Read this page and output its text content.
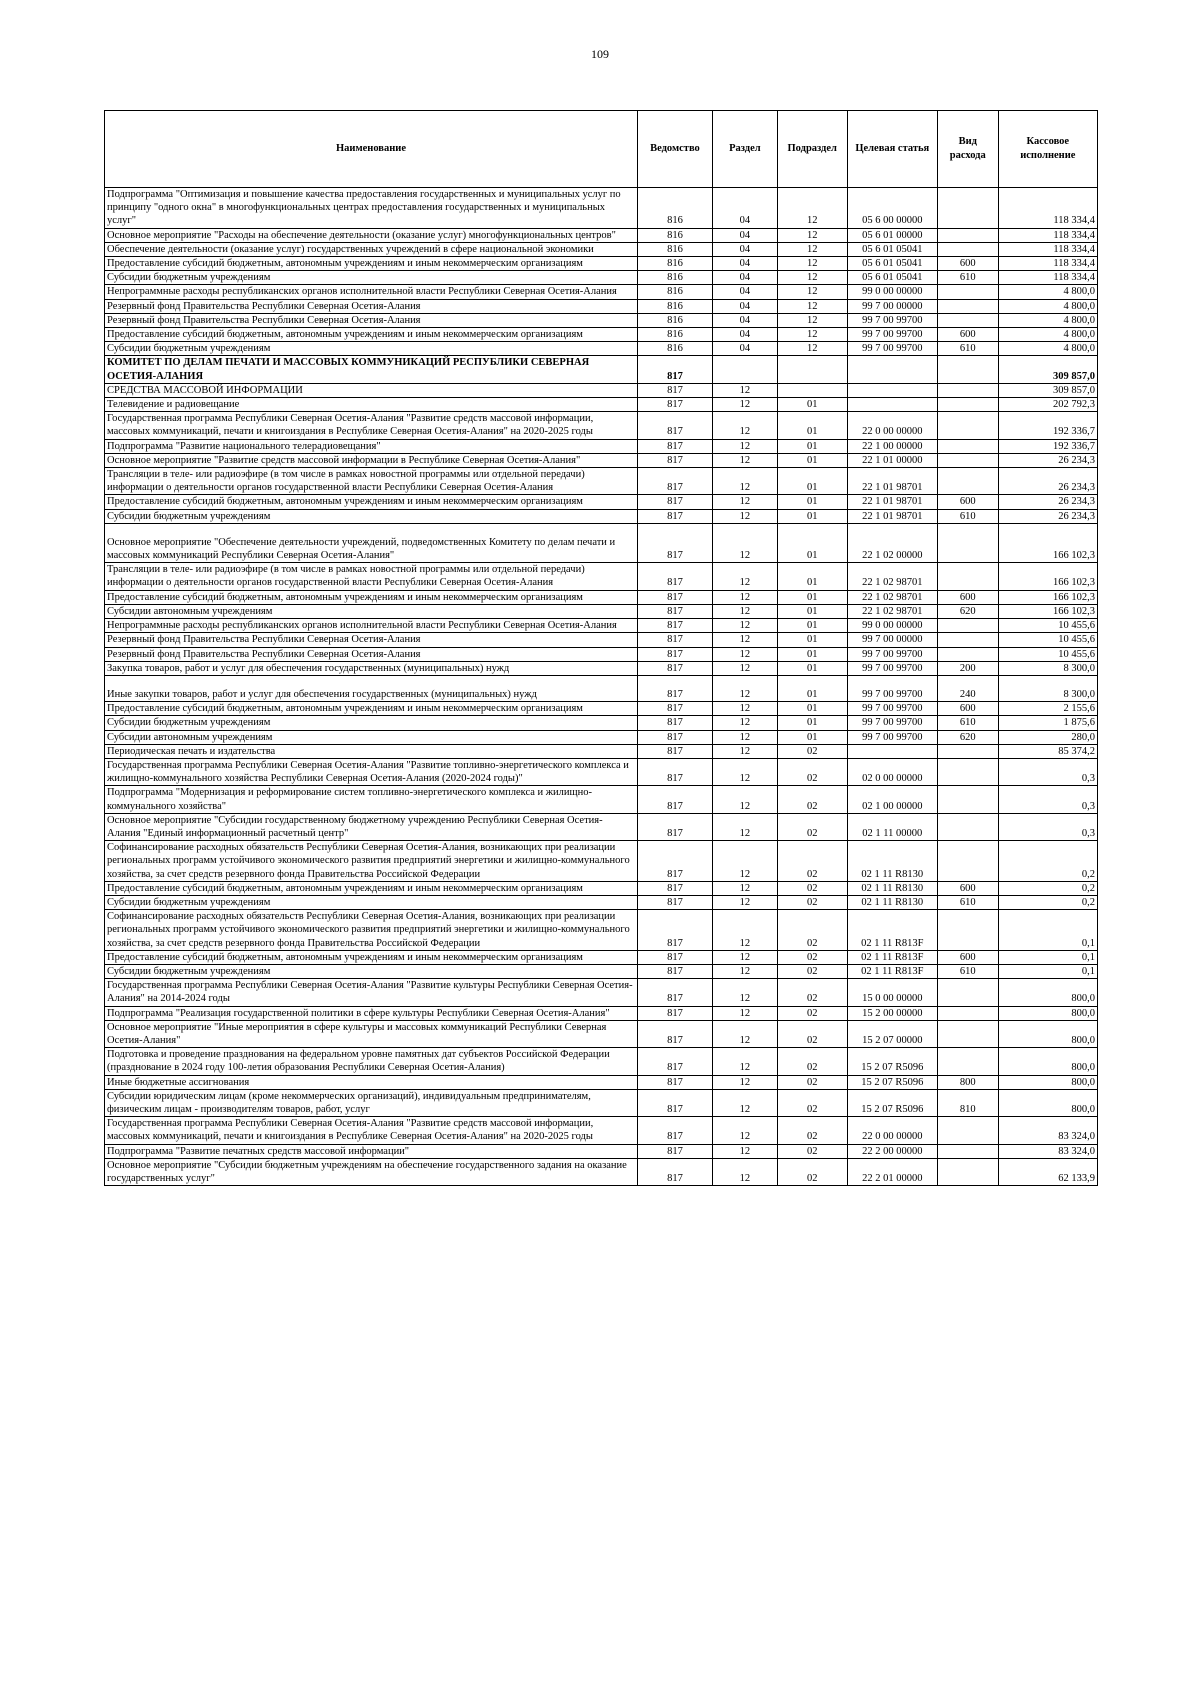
109
Наименование	Ведомство	Раздел	Подраздел	Целевая статья	Вид расхода	Кассовое исполнение
Подпрограмма "Оптимизация и повышение качества предоставления государственных и муниципальных услуг по принципу "одного окна" в многофункциональных центрах предоставления государственных и муниципальных услуг"	816	04	12	05 6 00 00000		118 334,4
Основное мероприятие "Расходы на обеспечение деятельности (оказание услуг) многофункциональных центров"	816	04	12	05 6 01 00000		118 334,4
Обеспечение деятельности (оказание услуг) государственных учреждений в сфере национальной экономики	816	04	12	05 6 01 05041		118 334,4
Предоставление субсидий бюджетным, автономным учреждениям и иным некоммерческим организациям	816	04	12	05 6 01 05041	600	118 334,4
Субсидии бюджетным учреждениям	816	04	12	05 6 01 05041	610	118 334,4
Непрограммные расходы республиканских органов исполнительной власти Республики Северная Осетия-Алания	816	04	12	99 0 00 00000		4 800,0
Резервный фонд Правительства Республики Северная Осетия-Алания	816	04	12	99 7 00 00000		4 800,0
Резервный фонд Правительства Республики Северная Осетия-Алания	816	04	12	99 7 00 99700		4 800,0
Предоставление субсидий бюджетным, автономным учреждениям и иным некоммерческим организациям	816	04	12	99 7 00 99700	600	4 800,0
Субсидии бюджетным учреждениям	816	04	12	99 7 00 99700	610	4 800,0
КОМИТЕТ ПО ДЕЛАМ ПЕЧАТИ И МАССОВЫХ КОММУНИКАЦИЙ РЕСПУБЛИКИ СЕВЕРНАЯ ОСЕТИЯ-АЛАНИЯ	817					309 857,0
СРЕДСТВА МАССОВОЙ ИНФОРМАЦИИ	817	12				309 857,0
Телевидение и радиовещание	817	12	01			202 792,3
Государственная программа Республики Северная Осетия-Алания "Развитие средств массовой информации, массовых коммуникаций, печати и книгоиздания в Республике Северная Осетия-Алания" на 2020-2025 годы	817	12	01	22 0 00 00000		192 336,7
Подпрограмма "Развитие национального телерадиовещания"	817	12	01	22 1 00 00000		192 336,7
Основное мероприятие "Развитие средств массовой информации в Республике Северная Осетия-Алания"	817	12	01	22 1 01 00000		26 234,3
Трансляции в теле- или радиоэфире (в том числе в рамках новостной программы или отдельной передачи) информации о деятельности органов государственной власти Республики Северная Осетия-Алания	817	12	01	22 1 01 98701		26 234,3
Предоставление субсидий бюджетным, автономным учреждениям и иным некоммерческим организациям	817	12	01	22 1 01 98701	600	26 234,3
Субсидии бюджетным учреждениям	817	12	01	22 1 01 98701	610	26 234,3
Основное мероприятие "Обеспечение деятельности учреждений, подведомственных Комитету по делам печати и массовых коммуникаций Республики Северная Осетия-Алания"	817	12	01	22 1 02 00000		166 102,3
Трансляции в теле- или радиоэфире (в том числе в рамках новостной программы или отдельной передачи) информации о деятельности органов государственной власти Республики Северная Осетия-Алания	817	12	01	22 1 02 98701		166 102,3
Предоставление субсидий бюджетным, автономным учреждениям и иным некоммерческим организациям	817	12	01	22 1 02 98701	600	166 102,3
Субсидии автономным учреждениям	817	12	01	22 1 02 98701	620	166 102,3
Непрограммные расходы республиканских органов исполнительной власти Республики Северная Осетия-Алания	817	12	01	99 0 00 00000		10 455,6
Резервный фонд Правительства Республики Северная Осетия-Алания	817	12	01	99 7 00 00000		10 455,6
Резервный фонд Правительства Республики Северная Осетия-Алания	817	12	01	99 7 00 99700		10 455,6
Закупка товаров, работ и услуг для обеспечения государственных (муниципальных) нужд	817	12	01	99 7 00 99700	200	8 300,0
Иные закупки товаров, работ и услуг для обеспечения государственных (муниципальных) нужд	817	12	01	99 7 00 99700	240	8 300,0
Предоставление субсидий бюджетным, автономным учреждениям и иным некоммерческим организациям	817	12	01	99 7 00 99700	600	2 155,6
Субсидии бюджетным учреждениям	817	12	01	99 7 00 99700	610	1 875,6
Субсидии автономным учреждениям	817	12	01	99 7 00 99700	620	280,0
Периодическая печать и издательства	817	12	02			85 374,2
Государственная программа Республики Северная Осетия-Алания "Развитие топливно-энергетического комплекса и жилищно-коммунального хозяйства Республики Северная Осетия-Алания (2020-2024 годы)"	817	12	02	02 0 00 00000		0,3
Подпрограмма "Модернизация и реформирование систем топливно-энергетического комплекса и жилищно-коммунального хозяйства"	817	12	02	02 1 00 00000		0,3
Основное мероприятие "Субсидии государственному бюджетному учреждению Республики Северная Осетия-Алания "Единый информационный расчетный центр"	817	12	02	02 1 11 00000		0,3
Софинансирование расходных обязательств Республики Северная Осетия-Алания, возникающих при реализации региональных программ устойчивого экономического развития предприятий энергетики и жилищно-коммунального хозяйства, за счет средств резервного фонда Правительства Российской Федерации	817	12	02	02 1 11 R8130		0,2
Предоставление субсидий бюджетным, автономным учреждениям и иным некоммерческим организациям	817	12	02	02 1 11 R8130	600	0,2
Субсидии бюджетным учреждениям	817	12	02	02 1 11 R8130	610	0,2
Софинансирование расходных обязательств Республики Северная Осетия-Алания, возникающих при реализации региональных программ устойчивого экономического развития предприятий энергетики и жилищно-коммунального хозяйства, за счет средств резервного фонда Правительства Российской Федерации	817	12	02	02 1 11 R813F		0,1
Предоставление субсидий бюджетным, автономным учреждениям и иным некоммерческим организациям	817	12	02	02 1 11 R813F	600	0,1
Субсидии бюджетным учреждениям	817	12	02	02 1 11 R813F	610	0,1
Государственная программа Республики Северная Осетия-Алания "Развитие культуры Республики Северная Осетия-Алания" на 2014-2024 годы	817	12	02	15 0 00 00000		800,0
Подпрограмма "Реализация государственной политики в сфере культуры Республики Северная Осетия-Алания"	817	12	02	15 2 00 00000		800,0
Основное мероприятие "Иные мероприятия в сфере культуры и массовых коммуникаций Республики Северная Осетия-Алания"	817	12	02	15 2 07 00000		800,0
Подготовка и проведение празднования на федеральном уровне памятных дат субъектов Российской Федерации (празднование в 2024 году 100-летия образования Республики Северная Осетия-Алания)	817	12	02	15 2 07 R5096		800,0
Иные бюджетные ассигнования	817	12	02	15 2 07 R5096	800	800,0
Субсидии юридическим лицам (кроме некоммерческих организаций), индивидуальным предпринимателям, физическим лицам - производителям товаров, работ, услуг	817	12	02	15 2 07 R5096	810	800,0
Государственная программа Республики Северная Осетия-Алания "Развитие средств массовой информации, массовых коммуникаций, печати и книгоиздания в Республике Северная Осетия-Алания" на 2020-2025 годы	817	12	02	22 0 00 00000		83 324,0
Подпрограмма "Развитие печатных средств массовой информации"	817	12	02	22 2 00 00000		83 324,0
Основное мероприятие "Субсидии бюджетным учреждениям на обеспечение государственного задания на оказание государственных услуг"	817	12	02	22 2 01 00000		62 133,9
